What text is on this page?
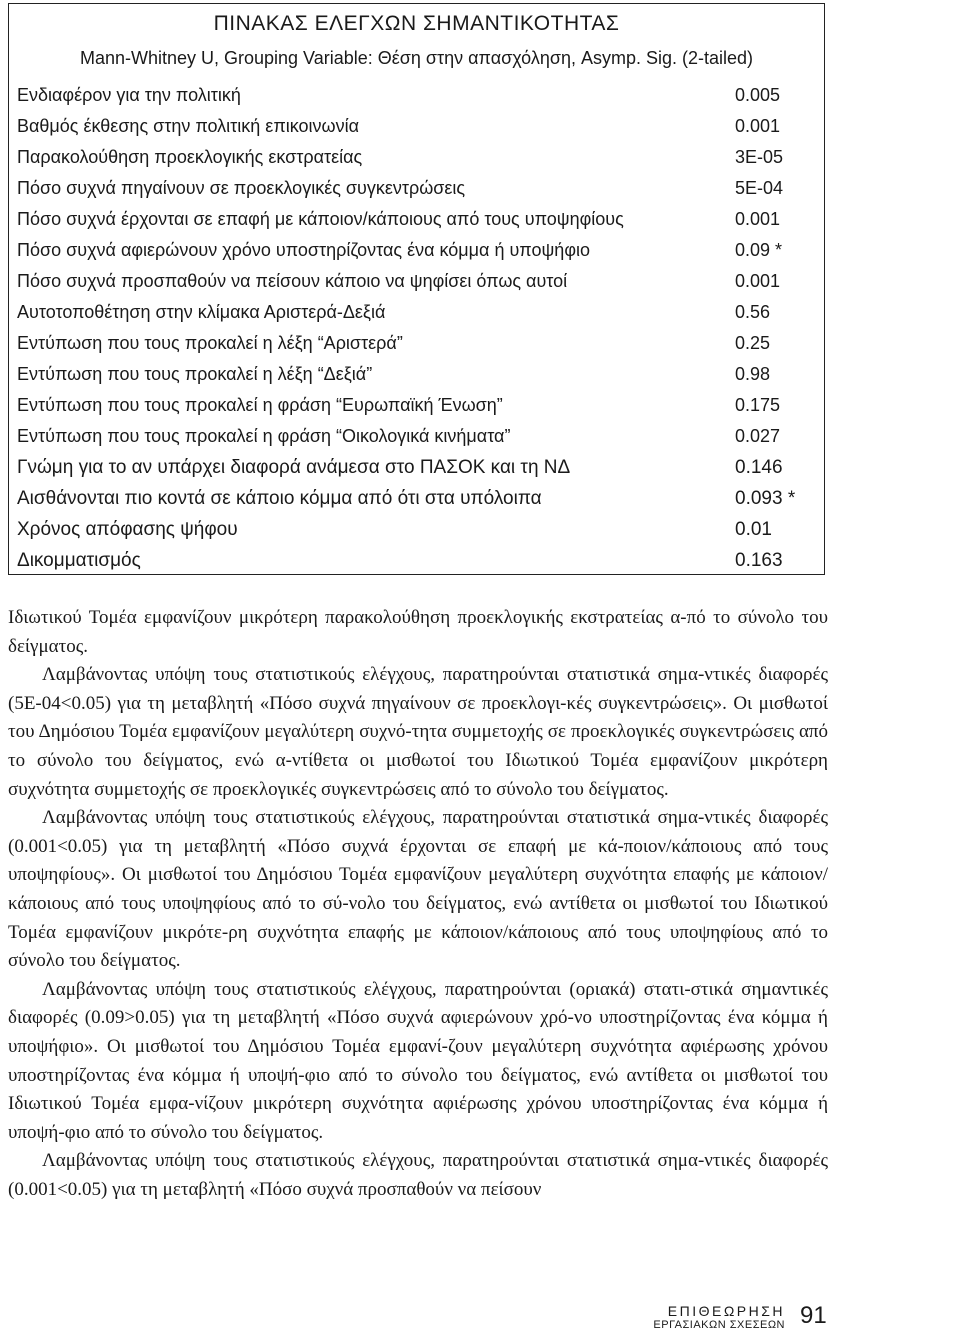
ΠΙΝΑΚΑΣ ΕΛΕΓΧΩΝ ΣΗΜΑΝΤΙΚΟΤΗΤΑΣ
Mann-Whitney U, Grouping Variable: Θέση στην απασχόληση, Asymp. Sig. (2-tailed)
Ενδιαφέρον για την πολιτική	0.005
Βαθμός έκθεσης στην πολιτική επικοινωνία	0.001
Παρακολούθηση προεκλογικής εκστρατείας	3E-05
Πόσο συχνά πηγαίνουν σε προεκλογικές συγκεντρώσεις	5E-04
Πόσο συχνά έρχονται σε επαφή με κάποιον/κάποιους από τους υποψηφίους	0.001
Πόσο συχνά αφιερώνουν χρόνο υποστηρίζοντας ένα κόμμα ή υποψήφιο	0.09 *
Πόσο συχνά προσπαθούν να πείσουν κάποιο να ψηφίσει όπως αυτοί	0.001
Αυτοτοποθέτηση στην κλίμακα Αριστερά-Δεξιά	0.56
Εντύπωση που τους προκαλεί η λέξη “Αριστερά”	0.25
Εντύπωση που τους προκαλεί η λέξη “Δεξιά”	0.98
Εντύπωση που τους προκαλεί η φράση “Ευρωπαϊκή Ένωση”	0.175
Εντύπωση που τους προκαλεί η φράση “Οικολογικά κινήματα”	0.027
Γνώμη για το αν υπάρχει διαφορά ανάμεσα στο ΠΑΣΟΚ και τη ΝΔ	0.146
Αισθάνονται πιο κοντά σε κάποιο κόμμα από ότι στα υπόλοιπα	0.093 *
Χρόνος απόφασης ψήφου	0.01
Δικομματισμός	0.163

Ιδιωτικού Τομέα εμφανίζουν μικρότερη παρακολούθηση προεκλογικής εκστρατείας α-πό το σύνολο του δείγματος.

Λαμβάνοντας υπόψη τους στατιστικούς ελέγχους, παρατηρούνται στατιστικά σημα-ντικές διαφορές (5Ε-04<0.05) για τη μεταβλητή «Πόσο συχνά πηγαίνουν σε προεκλογι-κές συγκεντρώσεις». Οι μισθωτοί του Δημόσιου Τομέα εμφανίζουν μεγαλύτερη συχνό-τητα συμμετοχής σε προεκλογικές συγκεντρώσεις από το σύνολο του δείγματος, ενώ α-ντίθετα οι μισθωτοί του Ιδιωτικού Τομέα εμφανίζουν μικρότερη συχνότητα συμμετοχής σε προεκλογικές συγκεντρώσεις από το σύνολο του δείγματος.

Λαμβάνοντας υπόψη τους στατιστικούς ελέγχους, παρατηρούνται στατιστικά σημα-ντικές διαφορές (0.001<0.05) για τη μεταβλητή «Πόσο συχνά έρχονται σε επαφή με κά-ποιον/κάποιους από τους υποψηφίους». Οι μισθωτοί του Δημόσιου Τομέα εμφανίζουν μεγαλύτερη συχνότητα επαφής με κάποιον/κάποιους από τους υποψηφίους από το σύ-νολο του δείγματος, ενώ αντίθετα οι μισθωτοί του Ιδιωτικού Τομέα εμφανίζουν μικρότε-ρη συχνότητα επαφής με κάποιον/κάποιους από τους υποψηφίους από το σύνολο του δείγματος.

Λαμβάνοντας υπόψη τους στατιστικούς ελέγχους, παρατηρούνται (οριακά) στατι-στικά σημαντικές διαφορές (0.09>0.05) για τη μεταβλητή «Πόσο συχνά αφιερώνουν χρό-νο υποστηρίζοντας ένα κόμμα ή υποψήφιο». Οι μισθωτοί του Δημόσιου Τομέα εμφανί-ζουν μεγαλύτερη συχνότητα αφιέρωσης χρόνου υποστηρίζοντας ένα κόμμα ή υποψή-φιο από το σύνολο του δείγματος, ενώ αντίθετα οι μισθωτοί του Ιδιωτικού Τομέα εμφα-νίζουν μικρότερη συχνότητα αφιέρωσης χρόνου υποστηρίζοντας ένα κόμμα ή υποψή-φιο από το σύνολο του δείγματος.

Λαμβάνοντας υπόψη τους στατιστικούς ελέγχους, παρατηρούνται στατιστικά σημα-ντικές διαφορές (0.001<0.05) για τη μεταβλητή «Πόσο συχνά προσπαθούν να πείσουν

ΕΠΙΘΕΩΡΗΣΗ
ΕΡΓΑΣΙΑΚΩΝ ΣΧΕΣΕΩΝ 91
